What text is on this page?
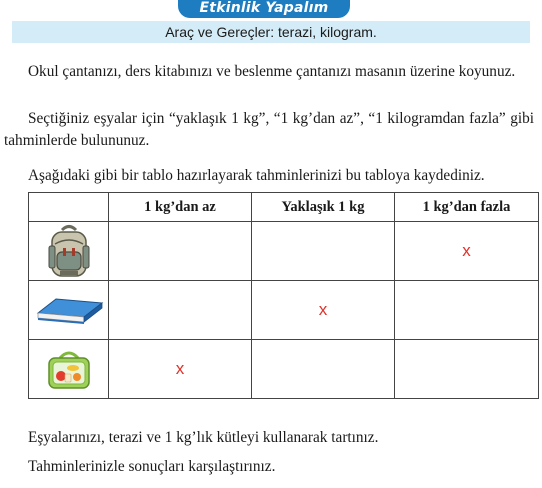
Etkinlik Yapalım
Araç ve Gereçler: terazi, kilogram.

Okul çantanızı, ders kitabınızı ve beslenme çantanızı masanın üzerine koyunuz.

Seçtiğiniz eşyalar için “yaklaşık 1 kg”, “1 kg’dan az”, “1 kilogramdan fazla” gibi tahminlerde bulununuz.

Aşağıdaki gibi bir tablo hazırlayarak tahminlerinizi bu tabloya kaydediniz.

	1 kg’dan az	Yaklaşık 1 kg	1 kg’dan fazla

			x

		x	

	x		

Eşyalarınızı, terazi ve 1 kg’lık kütleyi kullanarak tartınız.

Tahminlerinizle sonuçları karşılaştırınız.
